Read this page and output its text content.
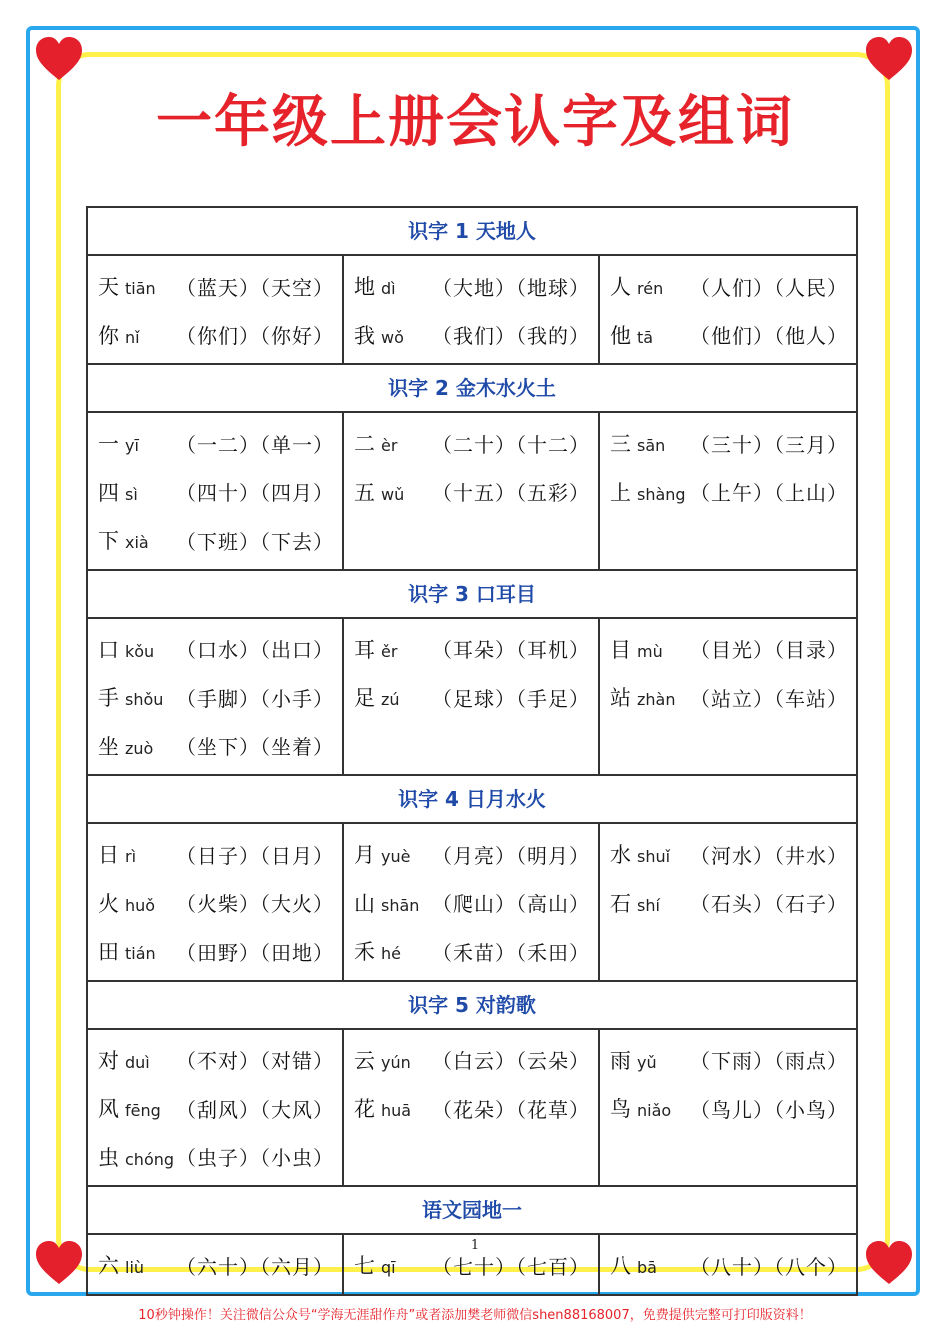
一年级上册会认字及组词
识字 1 天地人
天 tiān （蓝天）（天空）
你 nǐ （你们）（你好）
地 dì （大地）（地球）
我 wǒ （我们）（我的）
人 rén （人们）（人民）
他 tā （他们）（他人）
识字 2 金木水火土
一 yī （一二）（单一）
四 sì （四十）（四月）
下 xià （下班）（下去）
二 èr （二十）（十二）
五 wǔ （十五）（五彩）
三 sān （三十）（三月）
上 shàng （上午）（上山）
识字 3 口耳目
口 kǒu （口水）（出口）
手 shǒu （手脚）（小手）
坐 zuò （坐下）（坐着）
耳 ěr （耳朵）（耳机）
足 zú （足球）（手足）
目 mù （目光）（目录）
站 zhàn （站立）（车站）
识字 4 日月水火
日 rì （日子）（日月）
火 huǒ （火柴）（大火）
田 tián （田野）（田地）
月 yuè （月亮）（明月）
山 shān （爬山）（高山）
禾 hé （禾苗）（禾田）
水 shuǐ （河水）（井水）
石 shí （石头）（石子）
识字 5 对韵歌
对 duì （不对）（对错）
风 fēng （刮风）（大风）
虫 chóng （虫子）（小虫）
云 yún （白云）（云朵）
花 huā （花朵）（花草）
雨 yǔ （下雨）（雨点）
鸟 niǎo （鸟儿）（小鸟）
语文园地一
六 liù （六十）（六月） 七 qī （七十）（七百） 八 bā （八十）（八个）
1
10秒钟操作！关注微信公众号“学海无涯甜作舟”或者添加樊老师微信shen88168007，免费提供完整可打印版资料！
